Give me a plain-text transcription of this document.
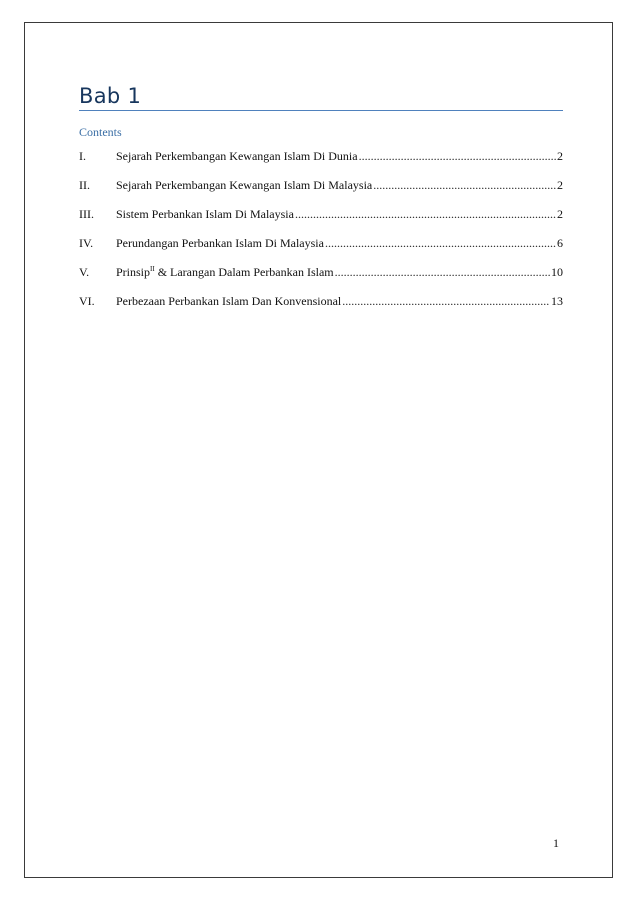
Bab 1
Contents
I.	Sejarah Perkembangan Kewangan Islam Di Dunia .....	2
II.	Sejarah Perkembangan Kewangan Islam Di Malaysia .....	2
III.	Sistem Perbankan Islam Di Malaysia .....	2
IV.	Perundangan Perbankan Islam Di Malaysia .....	6
V.	Prinsip$^{II}$ & Larangan Dalam Perbankan Islam .....	10
VI.	Perbezaan Perbankan Islam Dan Konvensional .....	13
1
